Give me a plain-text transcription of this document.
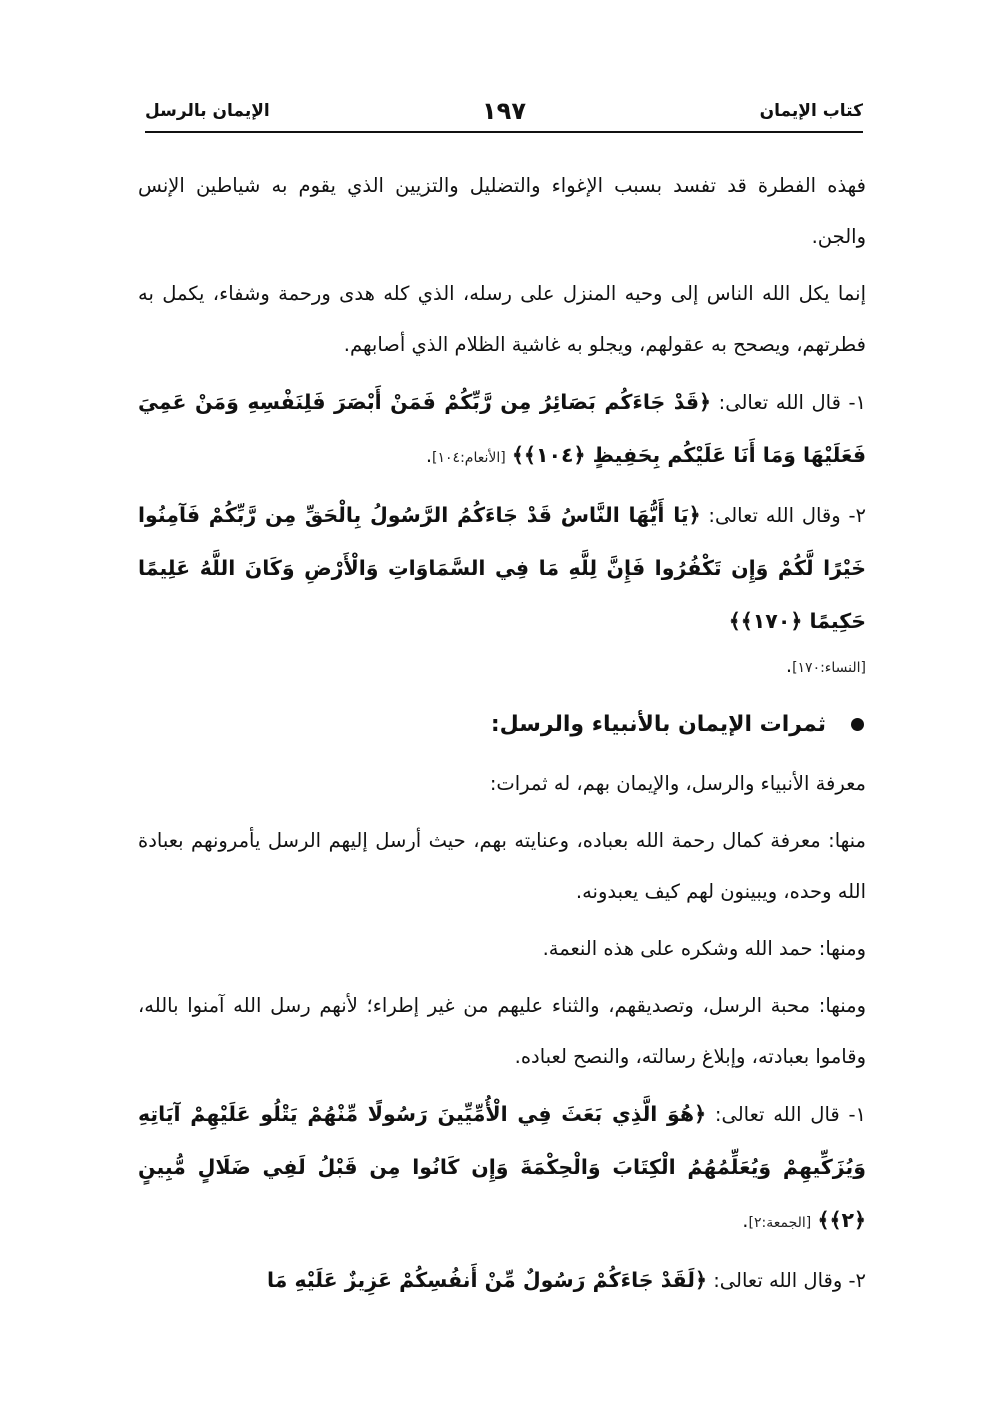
كتاب الإيمان
١٩٧
الإيمان بالرسل

فهذه الفطرة قد تفسد بسبب الإغواء والتضليل والتزيين الذي يقوم به شياطين الإنس والجن.

إنما يكل الله الناس إلى وحيه المنزل على رسله، الذي كله هدى ورحمة وشفاء، يكمل به فطرتهم، ويصحح به عقولهم، ويجلو به غاشية الظلام الذي أصابهم.

١- قال الله تعالى: ﴿قَدْ جَاءَكُم بَصَائِرُ مِن رَّبِّكُمْ فَمَنْ أَبْصَرَ فَلِنَفْسِهِ وَمَنْ عَمِيَ فَعَلَيْهَا وَمَا أَنَا عَلَيْكُم بِحَفِيظٍ ﴿١٠٤﴾﴾ [الأنعام:١٠٤].

٢- وقال الله تعالى: ﴿يَا أَيُّهَا النَّاسُ قَدْ جَاءَكُمُ الرَّسُولُ بِالْحَقِّ مِن رَّبِّكُمْ فَآمِنُوا خَيْرًا لَّكُمْ وَإِن تَكْفُرُوا فَإِنَّ لِلَّهِ مَا فِي السَّمَاوَاتِ وَالْأَرْضِ وَكَانَ اللَّهُ عَلِيمًا حَكِيمًا ﴿١٧٠﴾﴾

[النساء:١٧٠].

ثمرات الإيمان بالأنبياء والرسل:

معرفة الأنبياء والرسل، والإيمان بهم، له ثمرات:

منها: معرفة كمال رحمة الله بعباده، وعنايته بهم، حيث أرسل إليهم الرسل يأمرونهم بعبادة الله وحده، ويبينون لهم كيف يعبدونه.

ومنها: حمد الله وشكره على هذه النعمة.

ومنها: محبة الرسل، وتصديقهم، والثناء عليهم من غير إطراء؛ لأنهم رسل الله آمنوا بالله، وقاموا بعبادته، وإبلاغ رسالته، والنصح لعباده.

١- قال الله تعالى: ﴿هُوَ الَّذِي بَعَثَ فِي الْأُمِّيِّينَ رَسُولًا مِّنْهُمْ يَتْلُو عَلَيْهِمْ آيَاتِهِ وَيُزَكِّيهِمْ وَيُعَلِّمُهُمُ الْكِتَابَ وَالْحِكْمَةَ وَإِن كَانُوا مِن قَبْلُ لَفِي ضَلَالٍ مُّبِينٍ ﴿٢﴾﴾ [الجمعة:٢].

٢- وقال الله تعالى: ﴿لَقَدْ جَاءَكُمْ رَسُولٌ مِّنْ أَنفُسِكُمْ عَزِيزٌ عَلَيْهِ مَا
